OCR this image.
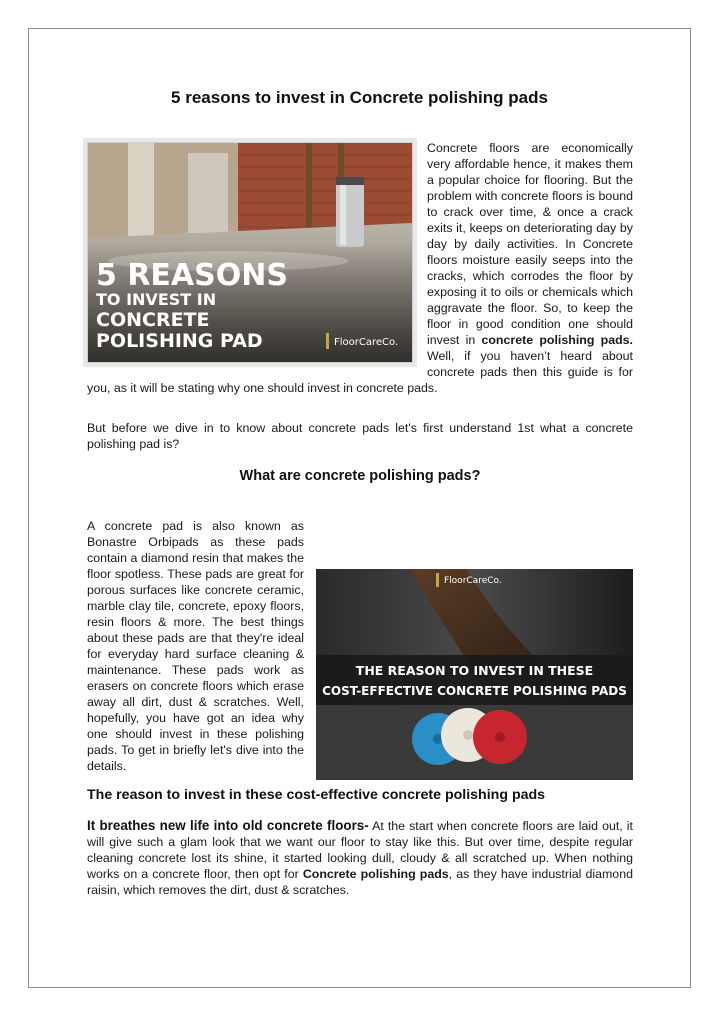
5 reasons to invest in Concrete polishing pads
5 REASONS
TO INVEST IN
CONCRETE
POLISHING PAD	FloorCareCo.

Concrete floors are economically very affordable hence, it makes them a popular choice for flooring. But the problem with concrete floors is bound to crack over time, & once a crack exits it, keeps on deteriorating day by day by daily activities. In Concrete floors moisture easily seeps into the cracks, which corrodes the floor by exposing it to oils or chemicals which aggravate the floor. So, to keep the floor in good condition one should invest in concrete polishing pads. Well, if you haven’t heard about concrete pads then this guide is for you, as it will be stating why one should invest in concrete pads.

But before we dive in to know about concrete pads let's first understand 1st what a concrete polishing pad is?

What are concrete polishing pads?
FloorCareCo.
THE REASON TO INVEST IN THESE
COST-EFFECTIVE CONCRETE POLISHING PADS

A concrete pad is also known as Bonastre Orbipads as these pads contain a diamond resin that makes the floor spotless. These pads are great for porous surfaces like concrete ceramic, marble clay tile, concrete, epoxy floors, resin floors & more. The best things about these pads are that they're ideal for everyday hard surface cleaning & maintenance. These pads work as erasers on concrete floors which erase away all dirt, dust & scratches. Well, hopefully, you have got an idea why one should invest in these polishing pads. To get in briefly let's dive into the details.

The reason to invest in these cost-effective concrete polishing pads

It breathes new life into old concrete floors- At the start when concrete floors are laid out, it will give such a glam look that we want our floor to stay like this. But over time, despite regular cleaning concrete lost its shine, it started looking dull, cloudy & all scratched up. When nothing works on a concrete floor, then opt for Concrete polishing pads, as they have industrial diamond raisin, which removes the dirt, dust & scratches.
